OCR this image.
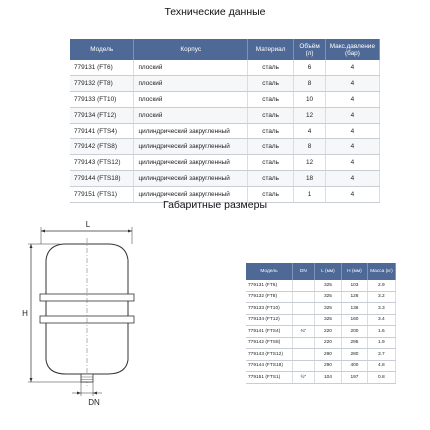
Технические данные
Модель	Корпус	Материал	Объём (л)	Макс.давление (бар)
779131 (FT6)	плоский	сталь	6	4
779132 (FT8)	плоский	сталь	8	4
779133 (FT10)	плоский	сталь	10	4
779134 (FT12)	плоский	сталь	12	4
779141 (FTS4)	цилиндрический закругленный	сталь	4	4
779142 (FTS8)	цилиндрический закругленный	сталь	8	4
779143 (FTS12)	цилиндрический закругленный	сталь	12	4
779144 (FTS18)	цилиндрический закругленный	сталь	18	4
779151 (FTS1)	цилиндрический закругленный	сталь	1	4
Габаритные размеры
L
H
DN
Модель	DN	L (мм)	H (мм)	Масса (кг)
779131 (FT6)		325	103	2.9
779132 (FT8)		325	128	3.2
779133 (FT10)		325	136	3.3
779134 (FT12)		325	160	3.4
779141 (FTS4)	¾"	220	200	1.6
779142 (FTS8)		220	295	1.9
779143 (FTS12)		290	280	3.7
779144 (FTS18)		290	400	4.8
779151 (FTS1)	½"	104	197	0.8
